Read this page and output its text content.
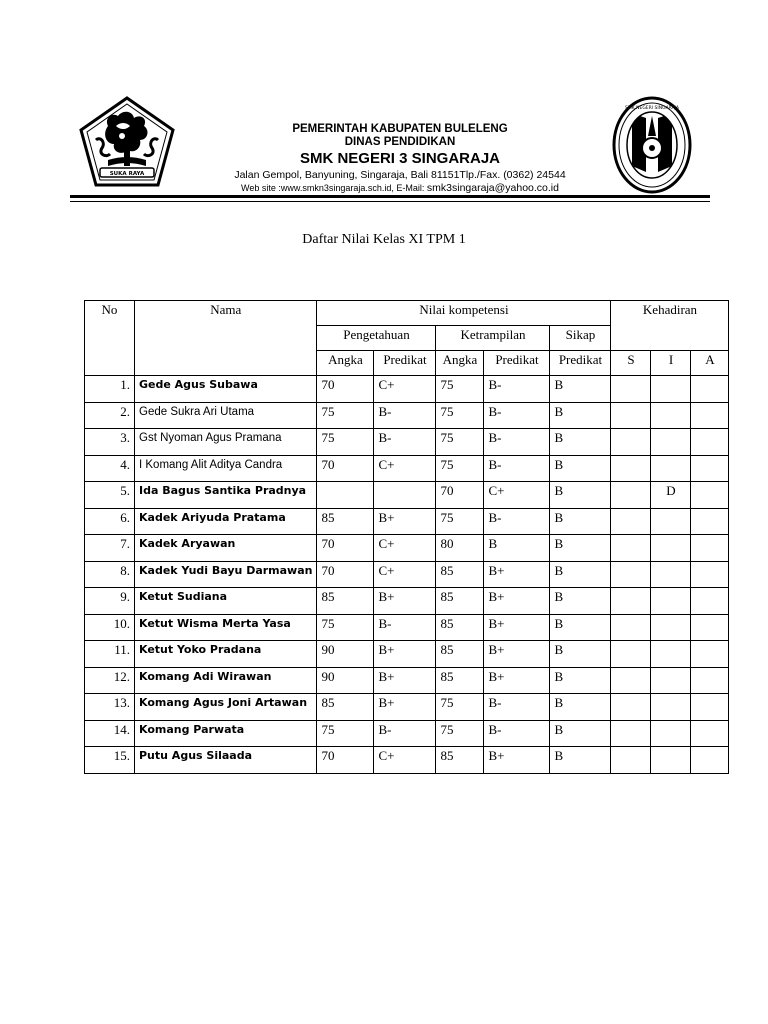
SUKA RAYA
SMK NEGERI SINGARAJA
PEMERINTAH KABUPATEN BULELENG
DINAS PENDIDIKAN
SMK NEGERI 3 SINGARAJA
Jalan Gempol, Banyuning, Singaraja, Bali 81151Tlp./Fax. (0362) 24544
Web site :www.smkn3singaraja.sch.id, E-Mail: smk3singaraja@yahoo.co.id
Daftar Nilai Kelas XI TPM 1
No	Nama	Nilai kompetensi					Kehadiran		
		Pengetahuan		Ketrampilan		Sikap			
		Angka	Predikat	Angka	Predikat	Predikat	S	I	A
1.	Gede Agus Subawa	70	C+	75	B-	B			
2.	Gede Sukra Ari Utama	75	B-	75	B-	B			
3.	Gst Nyoman Agus Pramana	75	B-	75	B-	B			
4.	I Komang Alit Aditya Candra	70	C+	75	B-	B			
5.	Ida Bagus Santika Pradnya			70	C+	B		D	
6.	Kadek Ariyuda Pratama	85	B+	75	B-	B			
7.	Kadek Aryawan	70	C+	80	B	B			
8.	Kadek Yudi Bayu Darmawan	70	C+	85	B+	B			
9.	Ketut Sudiana	85	B+	85	B+	B			
10.	Ketut Wisma Merta Yasa	75	B-	85	B+	B			
11.	Ketut Yoko Pradana	90	B+	85	B+	B			
12.	Komang Adi Wirawan	90	B+	85	B+	B			
13.	Komang Agus Joni Artawan	85	B+	75	B-	B			
14.	Komang Parwata	75	B-	75	B-	B			
15.	Putu Agus Silaada	70	C+	85	B+	B			
